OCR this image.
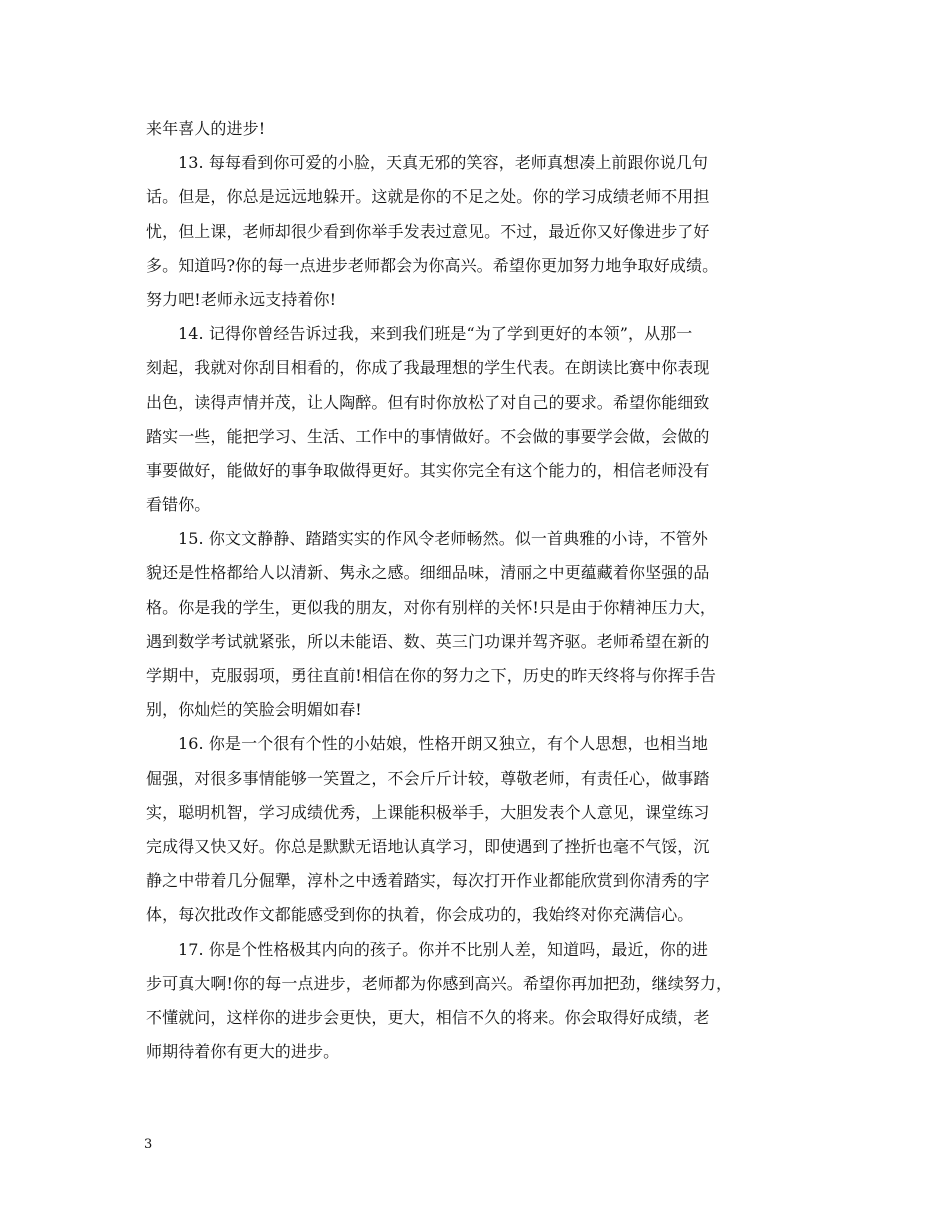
来年喜人的进步!
13. 每每看到你可爱的小脸，天真无邪的笑容，老师真想凑上前跟你说几句
话。但是，你总是远远地躲开。这就是你的不足之处。你的学习成绩老师不用担
忧，但上课，老师却很少看到你举手发表过意见。不过，最近你又好像进步了好
多。知道吗?你的每一点进步老师都会为你高兴。希望你更加努力地争取好成绩。
努力吧!老师永远支持着你!
14. 记得你曾经告诉过我，来到我们班是“为了学到更好的本领”，从那一
刻起，我就对你刮目相看的，你成了我最理想的学生代表。在朗读比赛中你表现
出色，读得声情并茂，让人陶醉。但有时你放松了对自己的要求。希望你能细致
踏实一些，能把学习、生活、工作中的事情做好。不会做的事要学会做，会做的
事要做好，能做好的事争取做得更好。其实你完全有这个能力的，相信老师没有
看错你。
15. 你文文静静、踏踏实实的作风令老师畅然。似一首典雅的小诗，不管外
貌还是性格都给人以清新、隽永之感。细细品味，清丽之中更蕴藏着你坚强的品
格。你是我的学生，更似我的朋友，对你有别样的关怀!只是由于你精神压力大，
遇到数学考试就紧张，所以未能语、数、英三门功课并驾齐驱。老师希望在新的
学期中，克服弱项，勇往直前!相信在你的努力之下，历史的昨天终将与你挥手告
别，你灿烂的笑脸会明媚如春!
16. 你是一个很有个性的小姑娘，性格开朗又独立，有个人思想，也相当地
倔强，对很多事情能够一笑置之，不会斤斤计较，尊敬老师，有责任心，做事踏
实，聪明机智，学习成绩优秀，上课能积极举手，大胆发表个人意见，课堂练习
完成得又快又好。你总是默默无语地认真学习，即使遇到了挫折也毫不气馁，沉
静之中带着几分倔犟，淳朴之中透着踏实，每次打开作业都能欣赏到你清秀的字
体，每次批改作文都能感受到你的执着，你会成功的，我始终对你充满信心。
17. 你是个性格极其内向的孩子。你并不比别人差，知道吗，最近，你的进
步可真大啊!你的每一点进步，老师都为你感到高兴。希望你再加把劲，继续努力，
不懂就问，这样你的进步会更快，更大，相信不久的将来。你会取得好成绩，老
师期待着你有更大的进步。
3
